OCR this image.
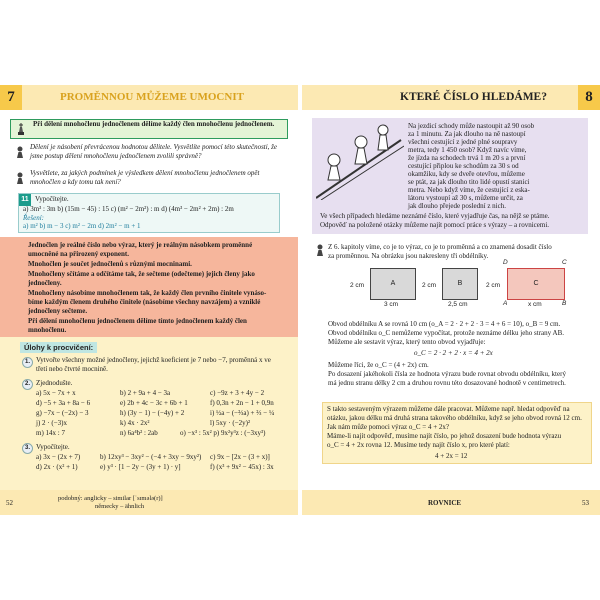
7	PROMĚNNOU MŮŽEME UMOCNIT
Při dělení mnohočlenu jednočlenem dělíme každý člen mnohočlenu jednočlenem.
Dělení je násobení převrácenou hodnotou dělitele. Vysvětlíte pomocí této skutečnosti, že jsme postup dělení mnohočlenu jednočlenem zvolili správně?
Vysvětlete, za jakých podmínek je výsledkem dělení mnohočlenu jednočlenem opět mnohočlen a kdy tomu tak není?
11 Vypočítejte.
a) 3m³ : 3m b) (15m − 45) : 15 c) (m² − 2m²) : m d) (4m³ − 2m² + 2m) : 2m
Řešení:
a) m² b) m − 3 c) m² − 2m d) 2m² − m + 1
Jednočlen je reálné číslo nebo výraz, který je reálným násobkem proměnné
umocněné na přirozený exponent.
Mnohočlen je součet jednočlenů s různými mocninami.
Mnohočleny sčítáme a odčítáme tak, že sečteme (odečteme) jejich členy jako
jednočleny.
Mnohočleny násobíme mnohočlenem tak, že každý člen prvního činitele vynáso-
bíme každým členem druhého činitele (násobíme všechny navzájem) a vzniklé
jednočleny sečteme.
Při dělení mnohočlenu jednočlenem dělíme tímto jednočlenem každý člen
mnohočlenu.
Úlohy k procvičení:
1. Vytvořte všechny možné jednočleny, jejichž koeficient je 7 nebo −7, proměnná x ve třetí nebo čtvrté mocnině.
2. Zjednodušte.
a) 5x − 7x + x	b) 2 + 9a + 4 − 3a	c) −9z + 3 + 4y − 2
d) −5 + 3a + 8a − 6	e) 2b + 4c − 3c + 6b + 1	f) 0,3n + 2n − 1 + 0,9n
g) −7x − (−2x) − 3	h) (3y − 1) − (−4y) + 2	i) ½a − (−⅔a) + ⅔ − ¼
j) 2 · (−3)x	k) 4x · 2x²	l) 5xy · (−2y)²
m) 14x : 7	n) 6a⁴b² : 2ab	o) −x³ : 5x² p) 9x²y³z : (−3xy³)
3. Vypočítejte.
a) 3x − (2x + 7)	b) 12xy³ − 3xy² − (−4 + 3xy − 9xy²) c) 9x − [2x − (3 + x)]
d) 2x · (x² + 1)	e) y³ · [1 − 2y − (3y + 1) · y]	f) (x³ + 9x² − 45x) : 3x
52
podobný: anglicky – similar [ˈsɪmələ(r)]
německy – ähnlich
KTERÉ ČÍSLO HLEDÁME?	8
Na jezdicí schody může nastoupit až 90 osob
za 1 minutu. Za jak dlouho na ně nastoupí
všechni cestující z jedné plné soupravy
metra, tedy 1 450 osob? Když navíc víme,
že jízda na schodech trvá 1 m 20 s a první
cestující připlou ke schodům za 30 s od
okamžiku, kdy se dveře otevřou, můžeme
se ptát, za jak dlouho tito lidé opustí stanici
metra. Nebo když víme, že cestující z eska-
látoru vystoupí až 30 s, můžeme určit, za
jak dlouho přejede poslední z nich.
Ve všech případech hledáme neznámé číslo, které vyjadřuje čas, na nějž se ptáme.
Odpověď na položené otázky můžeme najít pomocí práce s výrazy – a rovnicemi.
Z 6. kapitoly víme, co je to výraz, co je to proměnná a co znamená dosadit číslo
za proměnnou. Na obrázku jsou nakresleny tři obdélníky.
2 cm	A
3 cm
2 cm	B
2,5 cm
2 cm	C
x cm
D	C
A	B
Obvod obdélníku A se rovná 10 cm (o_A = 2 · 2 + 2 · 3 = 4 + 6 = 10), o_B = 9 cm.
Obvod obdélníku o_C nemůžeme vypočítat, protože neznáme délku jeho strany AB.
Můžeme ale sestavit výraz, který tento obvod vyjadřuje:
o_C = 2 · 2 + 2 · x = 4 + 2x
Můžeme říci, že o_C = (4 + 2x) cm.
Po dosazení jakéhokoli čísla ze hodnota výrazu bude rovnat obvodu obdélníku, který
má jednu stranu délky 2 cm a druhou rovnu této dosazované hodnotě v centimetrech.
S takto sestaveným výrazem můžeme dále pracovat. Můžeme např. hledat odpověď na
otázku, jakou délku má druhá strana takového obdélníku, když se jeho obvod rovná 12 cm.
Jak nám může pomoci výraz o_C = 4 + 2x?
Máme-li najít odpověď, musíme najít číslo, po jehož dosazení bude hodnota výrazu
o_C = 4 + 2x rovna 12. Musíme tedy najít číslo x, pro které platí:
4 + 2x = 12
ROVNICE	53
